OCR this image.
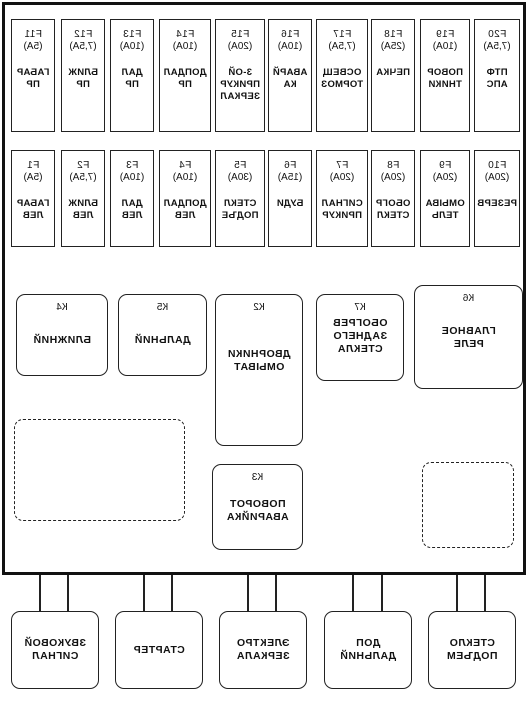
F11
(5A)
ГАБАР
ПР
F12
(7,5A)
БЛИЖ
ПР
F13
(10A)
ДАЛ
ПР
F14
(10A)
ДОПДАЛ
ПР
F15
(20A)
3-ОЙ
ПРИКУР
ЗЕРКАЛ
F16
(10A)
АВАРЙ
КА
F17
(7,5A)
ОСВЕЩ
ТОРМОЗ
F18
(25A)
ПЕЧКА
F19
(10A)
ПОВОР
ТНИКИ
F20
(7,5A)
ПТФ
АПС
F1
(5A)
ГАБАР
ЛЕВ
F2
(7,5A)
БЛИЖ
ЛЕВ
F3
(10A)
ДАЛ
ЛЕВ
F4
(10A)
ДОПДАЛ
ЛЕВ
F5
(30A)
СТЕКЛ
ПОДЪЕ
F6
(15A)
БУДИ
F7
(20A)
СИГНАЛ
ПРИКУР
F8
(20A)
ОБОГР
СТЕКЛ
F9
(20A)
ОМЫВА
ТЕЛЬ
F10
(20A)
РЕЗЕРВ
К4
БЛИЖНИЙ
К5
ДАЛЬНИЙ
К2
ДВОРНИКИ
ОМЫВАТ
К7
ОБОГРЕВ
ЗАДНЕГО
СТЕКЛА
К6
ГЛАВНОЕ
РЕЛЕ
К3
ПОВОРОТ
АВАРИЙКА
ЗВУКОВОЙ
СИГНАЛ
СТАРТЕР
ЭЛЕКТРО
ЗЕРКАЛА
ДОП
ДАЛЬНИЙ
СТЕКЛО
ПОДЪЕМ
